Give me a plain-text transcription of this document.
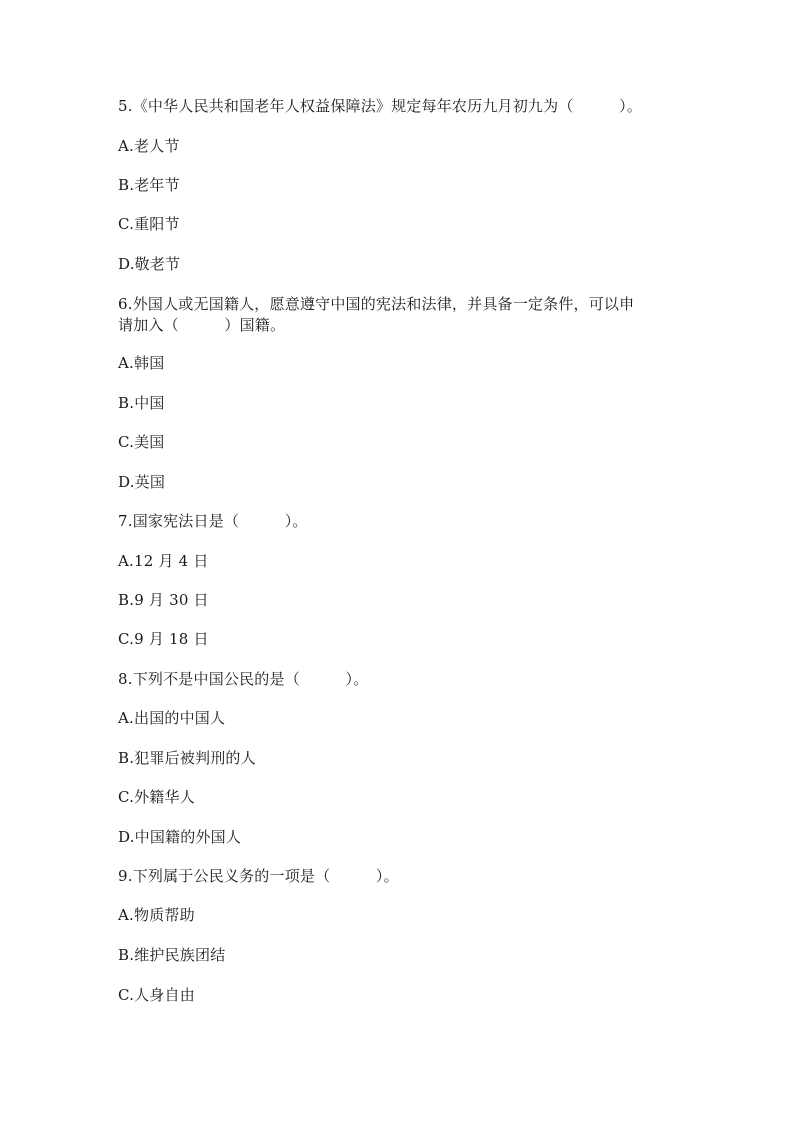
5.《中华人民共和国老年人权益保障法》规定每年农历九月初九为（　　　）。
A.老人节
B.老年节
C.重阳节
D.敬老节
6.外国人或无国籍人，愿意遵守中国的宪法和法律，并具备一定条件，可以申
请加入（　　　）国籍。
A.韩国
B.中国
C.美国
D.英国
7.国家宪法日是（　　　）。
A.12 月 4 日
B.9 月 30 日
C.9 月 18 日
8.下列不是中国公民的是（　　　）。
A.出国的中国人
B.犯罪后被判刑的人
C.外籍华人
D.中国籍的外国人
9.下列属于公民义务的一项是（　　　）。
A.物质帮助
B.维护民族团结
C.人身自由
